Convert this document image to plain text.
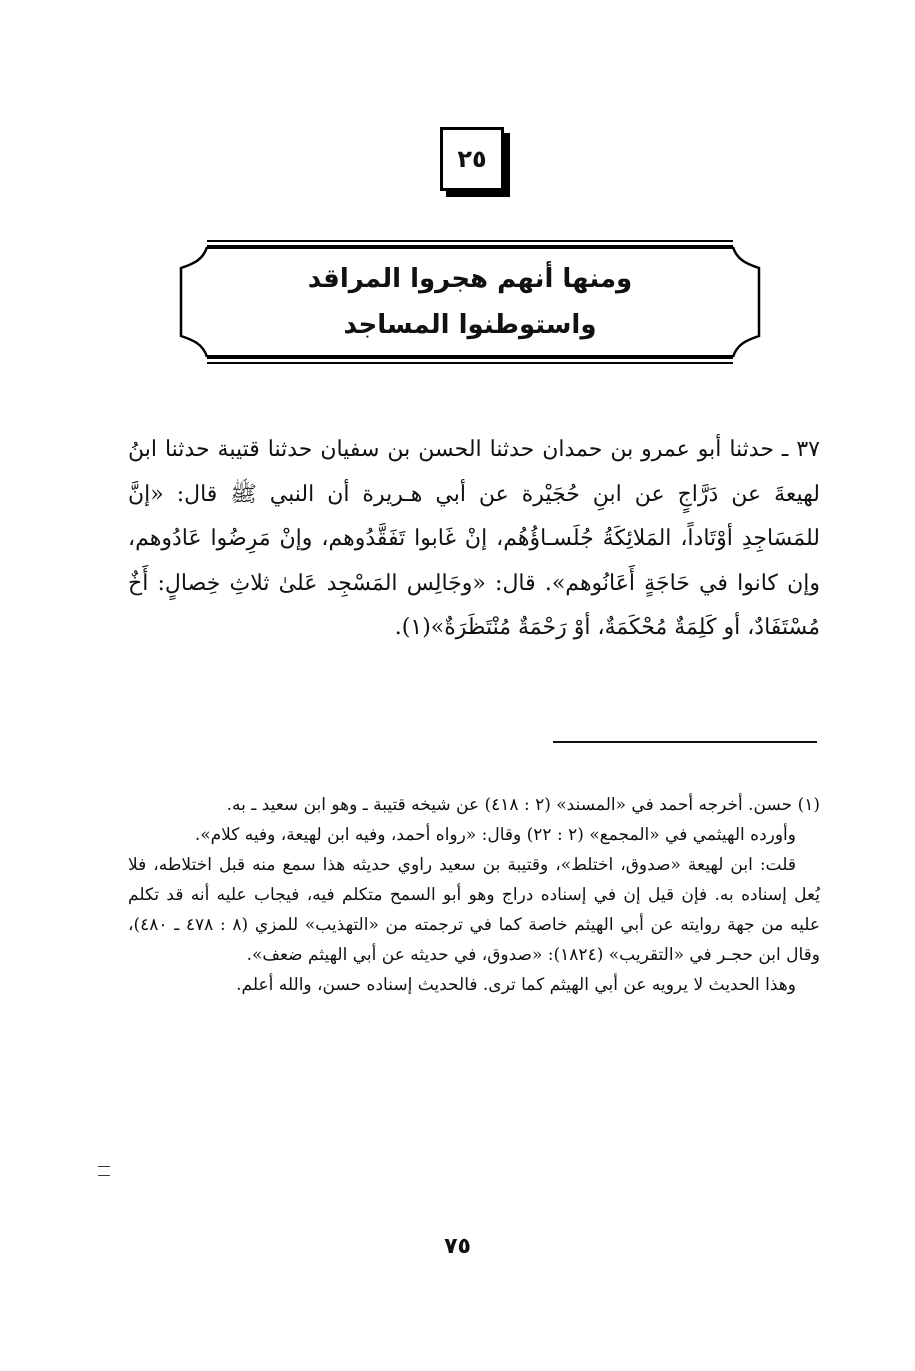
٢٥
ومنها أنهم هجروا المراقد
واستوطنوا المساجد

٣٧ ـ حدثنا أبو عمرو بن حمدان حدثنا الحسن بن سفيان حدثنا قتيبة حدثنا ابنُ لهيعةَ عن دَرَّاجٍ عن ابنِ حُجَيْرة عن أبي هـريرة أن النبي ﷺ قال: «إنَّ للمَسَاجِدِ أوْتَاداً، المَلائِكَةُ جُلَسـاؤُهُم، إنْ غَابوا تَفَقَّدُوهم، وإنْ مَرِضُوا عَادُوهم، وإن كانوا في حَاجَةٍ أَعَانُوهم». قال: «وجَالِس المَسْجِد عَلىٰ ثلاثِ خِصالٍ: أَخٌ مُسْتَفَادٌ، أو كَلِمَةٌ مُحْكَمَةٌ، أوْ رَحْمَةٌ مُنْتَظَرَةٌ»(١).

(١) حسن. أخرجه أحمد في «المسند» (٢ : ٤١٨) عن شيخه قتيبة ـ وهو ابن سعيد ـ به.

وأورده الهيثمي في «المجمع» (٢ : ٢٢) وقال: «رواه أحمد، وفيه ابن لهيعة، وفيه كلام».

قلت: ابن لهيعة «صدوق، اختلط»، وقتيبة بن سعيد راوي حديثه هذا سمع منه قبل اختلاطه، فلا يُعل إسناده به. فإن قيل إن في إسناده دراج وهو أبو السمح متكلم فيه، فيجاب عليه أنه قد تكلم عليه من جهة روايته عن أبي الهيثم خاصة كما في ترجمته من «التهذيب» للمزي (٨ : ٤٧٨ ـ ٤٨٠)، وقال ابن حجـر في «التقريب» (١٨٢٤): «صدوق، في حديثه عن أبي الهيثم ضعف».

وهذا الحديث لا يرويه عن أبي الهيثم كما ترى. فالحديث إسناده حسن، والله أعلم.

٧٥
